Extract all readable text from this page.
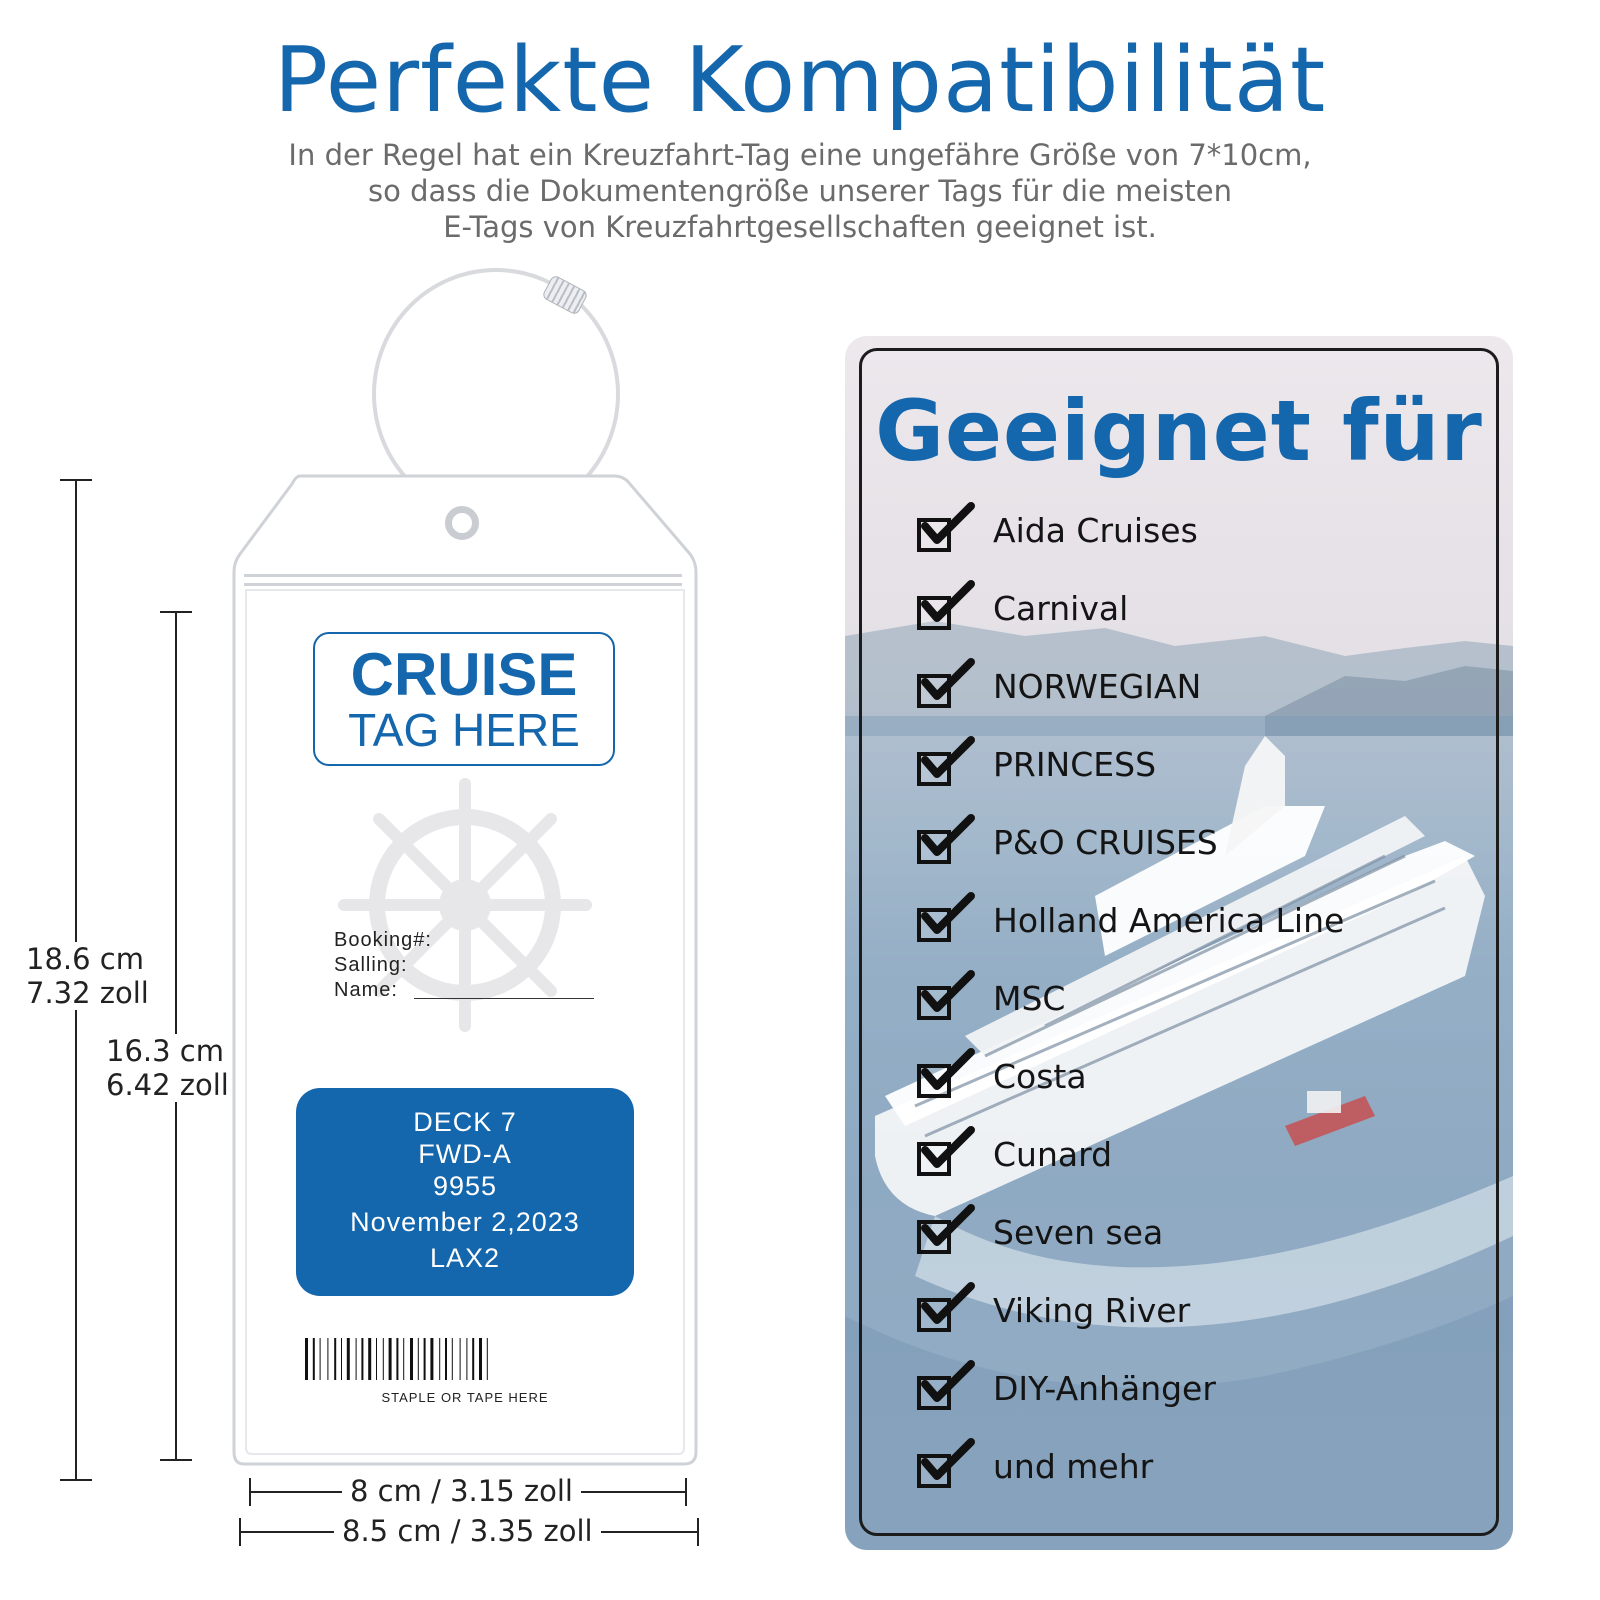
Perfekte Kompatibilität
In der Regel hat ein Kreuzfahrt-Tag eine ungefähre Größe von 7*10cm,
so dass die Dokumentengröße unserer Tags für die meisten
E-Tags von Kreuzfahrtgesellschaften geeignet ist.
18.6 cm
7.32 zoll
16.3 cm
6.42 zoll
8 cm / 3.15 zoll
8.5 cm / 3.35 zoll
CRUISE
TAG HERE
Booking#:
Salling:
Name:
DECK 7
FWD-A
9955
November 2,2023
LAX2
STAPLE OR TAPE HERE
Geeignet für
Aida Cruises
Carnival
NORWEGIAN
PRINCESS
P&O CRUISES
Holland America Line
MSC
Costa
Cunard
Seven sea
Viking River
DIY-Anhänger
und mehr
